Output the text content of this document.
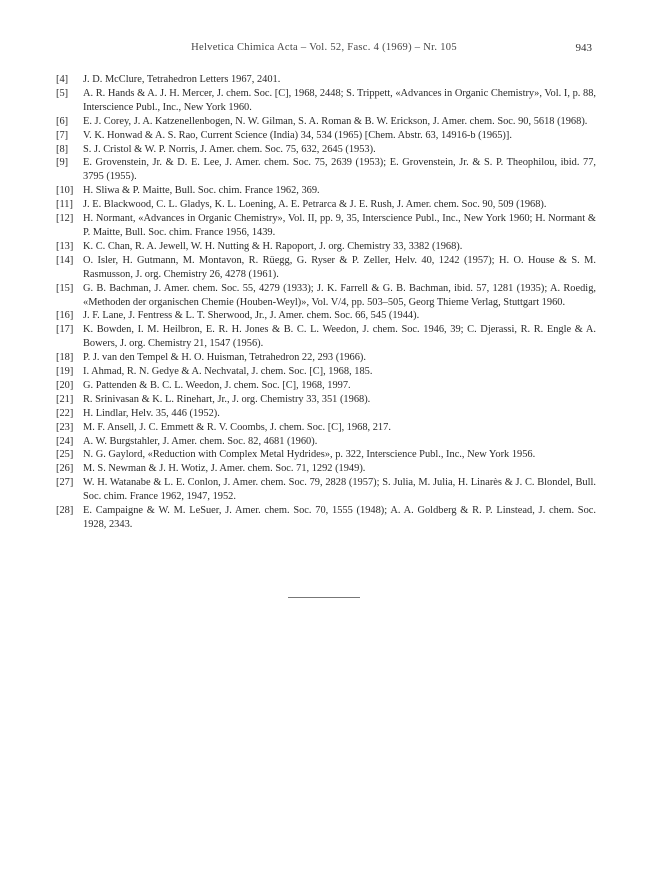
Helvetica Chimica Acta – Vol. 52, Fasc. 4 (1969) – Nr. 105	943
[4]	J. D. McClure, Tetrahedron Letters 1967, 2401.
[5]	A. R. Hands & A. J. H. Mercer, J. chem. Soc. [C], 1968, 2448; S. Trippett, «Advances in Organic Chemistry», Vol. I, p. 88, Interscience Publ., Inc., New York 1960.
[6]	E. J. Corey, J. A. Katzenellenbogen, N. W. Gilman, S. A. Roman & B. W. Erickson, J. Amer. chem. Soc. 90, 5618 (1968).
[7]	V. K. Honwad & A. S. Rao, Current Science (India) 34, 534 (1965) [Chem. Abstr. 63, 14916-b (1965)].
[8]	S. J. Cristol & W. P. Norris, J. Amer. chem. Soc. 75, 632, 2645 (1953).
[9]	E. Grovenstein, Jr. & D. E. Lee, J. Amer. chem. Soc. 75, 2639 (1953); E. Grovenstein, Jr. & S. P. Theophilou, ibid. 77, 3795 (1955).
[10] H. Sliwa & P. Maitte, Bull. Soc. chim. France 1962, 369.
[11] J. E. Blackwood, C. L. Gladys, K. L. Loening, A. E. Petrarca & J. E. Rush, J. Amer. chem. Soc. 90, 509 (1968).
[12] H. Normant, «Advances in Organic Chemistry», Vol. II, pp. 9, 35, Interscience Publ., Inc., New York 1960; H. Normant & P. Maitte, Bull. Soc. chim. France 1956, 1439.
[13] K. C. Chan, R. A. Jewell, W. H. Nutting & H. Rapoport, J. org. Chemistry 33, 3382 (1968).
[14] O. Isler, H. Gutmann, M. Montavon, R. Rüegg, G. Ryser & P. Zeller, Helv. 40, 1242 (1957); H. O. House & S. M. Rasmusson, J. org. Chemistry 26, 4278 (1961).
[15] G. B. Bachman, J. Amer. chem. Soc. 55, 4279 (1933); J. K. Farrell & G. B. Bachman, ibid. 57, 1281 (1935); A. Roedig, «Methoden der organischen Chemie (Houben-Weyl)», Vol. V/4, pp. 503–505, Georg Thieme Verlag, Stuttgart 1960.
[16] J. F. Lane, J. Fentress & L. T. Sherwood, Jr., J. Amer. chem. Soc. 66, 545 (1944).
[17] K. Bowden, I. M. Heilbron, E. R. H. Jones & B. C. L. Weedon, J. chem. Soc. 1946, 39; C. Djerassi, R. R. Engle & A. Bowers, J. org. Chemistry 21, 1547 (1956).
[18] P. J. van den Tempel & H. O. Huisman, Tetrahedron 22, 293 (1966).
[19] I. Ahmad, R. N. Gedye & A. Nechvatal, J. chem. Soc. [C], 1968, 185.
[20] G. Pattenden & B. C. L. Weedon, J. chem. Soc. [C], 1968, 1997.
[21] R. Srinivasan & K. L. Rinehart, Jr., J. org. Chemistry 33, 351 (1968).
[22] H. Lindlar, Helv. 35, 446 (1952).
[23] M. F. Ansell, J. C. Emmett & R. V. Coombs, J. chem. Soc. [C], 1968, 217.
[24] A. W. Burgstahler, J. Amer. chem. Soc. 82, 4681 (1960).
[25] N. G. Gaylord, «Reduction with Complex Metal Hydrides», p. 322, Interscience Publ., Inc., New York 1956.
[26] M. S. Newman & J. H. Wotiz, J. Amer. chem. Soc. 71, 1292 (1949).
[27] W. H. Watanabe & L. E. Conlon, J. Amer. chem. Soc. 79, 2828 (1957); S. Julia, M. Julia, H. Linarès & J. C. Blondel, Bull. Soc. chim. France 1962, 1947, 1952.
[28] E. Campaigne & W. M. LeSuer, J. Amer. chem. Soc. 70, 1555 (1948); A. A. Goldberg & R. P. Linstead, J. chem. Soc. 1928, 2343.
